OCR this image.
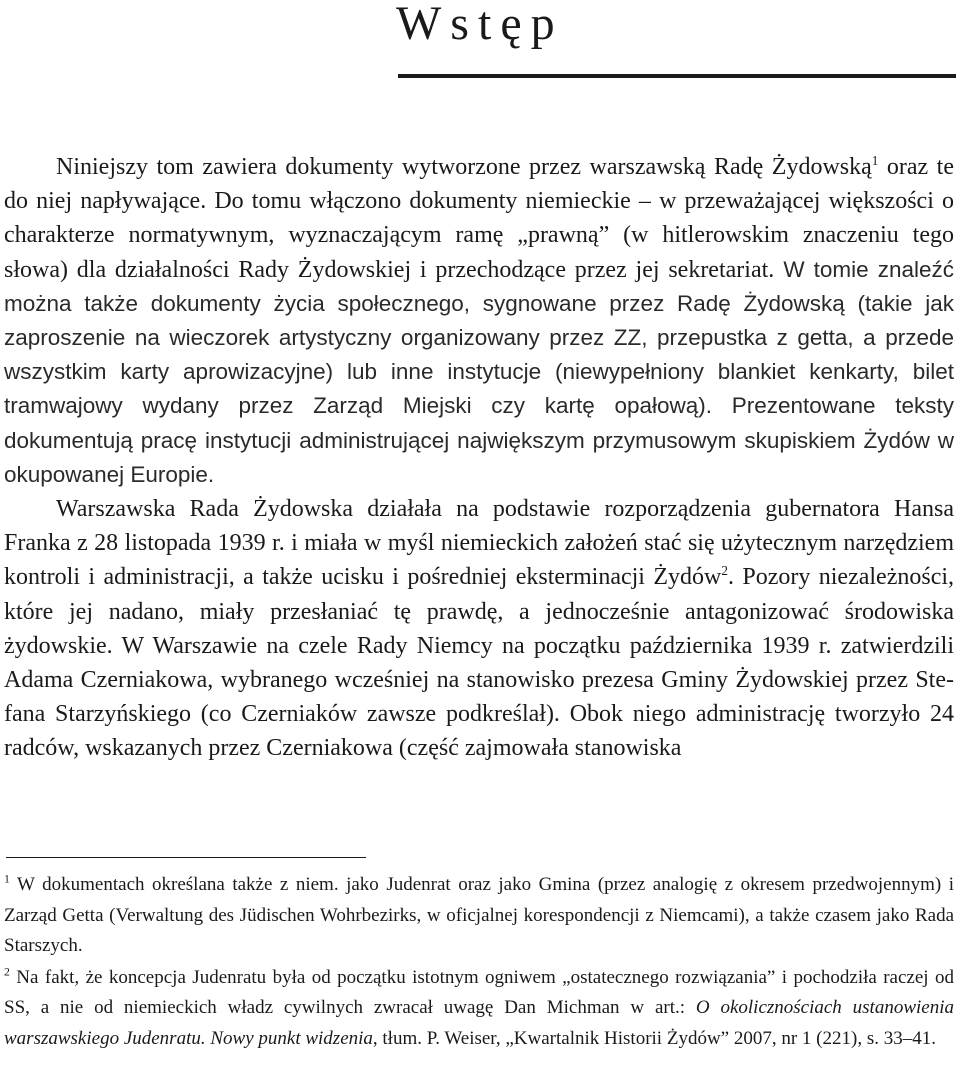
Wstęp

Niniejszy tom zawiera dokumenty wytworzone przez warszawską Radę Żydowską$^1$ oraz te do niej napływające. Do tomu włączono dokumenty niemieckie – w przeważającej większości o charakterze normatywnym, wyznaczającym ramę „prawną” (w hitlerowskim znaczeniu tego słowa) dla działalności Rady Żydowskiej i przechodzące przez jej sekretariat. W tomie znaleźć można także dokumenty życia społecznego, sygnowane przez Radę Żydowską (takie jak zaproszenie na wieczorek artystyczny organizowany przez ZZ, przepustka z getta, a przede wszystkim karty aprowizacyjne) lub inne instytucje (niewypełniony blankiet kenkarty, bilet tramwajowy wydany przez Zarząd Miejski czy kartę opałową). Prezentowane teksty dokumentują pracę instytucji administrującej największym przymusowym skupiskiem Żydów w okupowanej Europie.

Warszawska Rada Żydowska działała na podstawie rozporządzenia gubernatora Hansa Franka z 28 listopada 1939 r. i miała w myśl niemieckich założeń stać się użytecznym narzędziem kontroli i administracji, a także ucisku i pośredniej eksterminacji Żydów$^2$. Pozory niezależności, które jej nadano, miały przesłaniać tę prawdę, a jednocześnie antagonizować środowiska żydowskie. W Warszawie na czele Rady Niemcy na początku października 1939 r. zatwierdzili Adama Czerniakowa, wybranego wcześniej na stanowisko prezesa Gminy Żydowskiej przez Stefana Starzyńskiego (co Czerniaków zawsze podkreślał). Obok niego administrację tworzyło 24 radców, wskazanych przez Czerniakowa (część zajmowała stanowiska

$^1$ W dokumentach określana także z niem. jako Judenrat oraz jako Gmina (przez analogię z okresem przedwojennym) i Zarząd Getta (Verwaltung des Jüdischen Wohrbezirks, w oficjalnej korespondencji z Niemcami), a także czasem jako Rada Starszych.

$^2$ Na fakt, że koncepcja Judenratu była od początku istotnym ogniwem „ostatecznego rozwiązania” i pochodziła raczej od SS, a nie od niemieckich władz cywilnych zwracał uwagę Dan Michman w art.: O okolicznościach ustanowienia warszawskiego Judenratu. Nowy punkt widzenia, tłum. P. Weiser, „Kwartalnik Historii Żydów” 2007, nr 1 (221), s. 33–41.
